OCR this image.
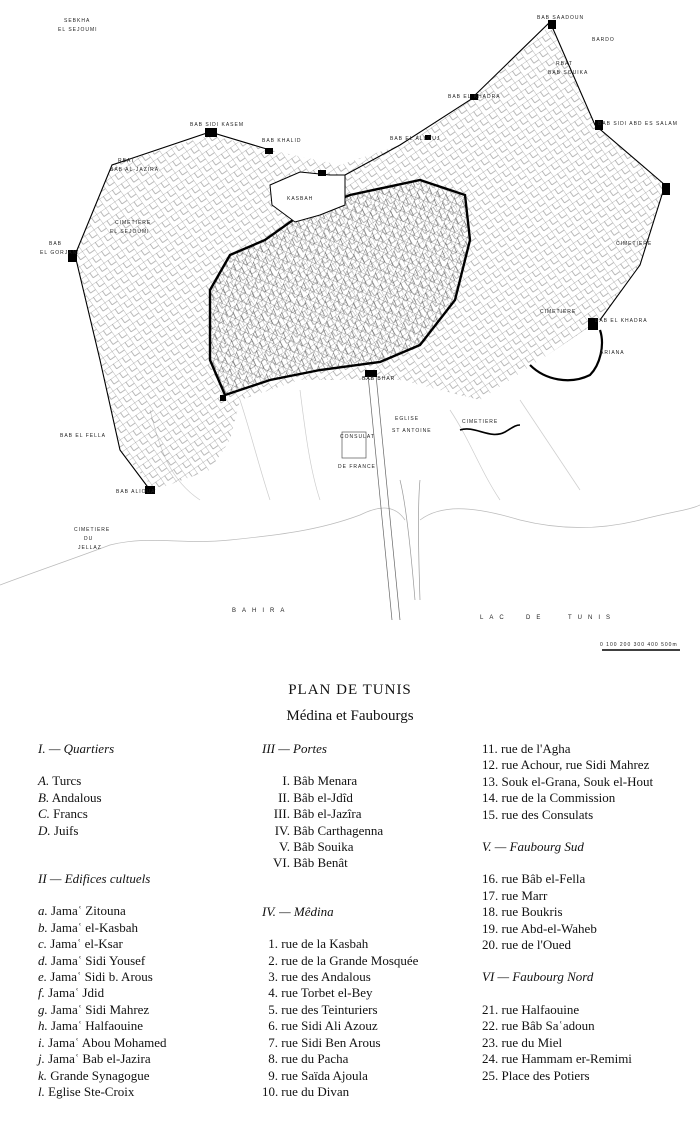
0 100 200 300 400 500m
SEBKHA
EL SEJOUMI
BAB SAADOUN
BARDO
RBAT
BAB SOUIKA
BAB EL KHADRA
BAB SIDI ABD ES SALAM
BAB SIDI KASEM
RBAT
BAB AL-JAZIRA
BAB KHALID	BAB EL ALLOUJ
KASBAH
CIMETIERE
EL SEJOUMI
BAB
EL GORJANI
CIMETIERE
CIMETIERE
BAB EL KHADRA
ARIANA
BAB BHAR
CIMETIERE
BAB EL FELLA	CONSULAT
DE FRANCE
EGLISE
ST ANTOINE
BAB ALIOUA
CIMETIERE
DU
JELLAZ
BAHIRA
LAC	DE	TUNIS
PLAN DE TUNIS
Médina et Faubourgs
I. — Quartiers
A. Turcs
B. Andalous
C. Francs
D. Juifs
II — Edifices cultuels
a. Jamaʿ Zitouna
b. Jamaʿ el-Kasbah
c. Jamaʿ el-Ksar
d. Jamaʿ Sidi Yousef
e. Jamaʿ Sidi b. Arous
f. Jamaʿ Jdid
g. Jamaʿ Sidi Mahrez
h. Jamaʿ Halfaouine
i. Jamaʿ Abou Mohamed
j. Jamaʿ Bab el-Jazira
k. Grande Synagogue
l. Eglise Ste-Croix
III — Portes
I. Bâb Menara
II. Bâb el-Jdîd
III. Bâb el-Jazîra
IV. Bâb Carthagenna
V. Bâb Souika
VI. Bâb Benât
IV. — Mêdina
1. rue de la Kasbah
2. rue de la Grande Mosquée
3. rue des Andalous
4. rue Torbet el-Bey
5. rue des Teinturiers
6. rue Sidi Ali Azouz
7. rue Sidi Ben Arous
8. rue du Pacha
9. rue Saïda Ajoula
10. rue du Divan
11. rue de l'Agha
12. rue Achour, rue Sidi Mahrez
13. Souk el-Grana, Souk el-Hout
14. rue de la Commission
15. rue des Consulats
V. — Faubourg Sud
16. rue Bâb el-Fella
17. rue Marr
18. rue Boukris
19. rue Abd-el-Waheb
20. rue de l'Oued
VI — Faubourg Nord
21. rue Halfaouine
22. rue Bâb Saʿadoun
23. rue du Miel
24. rue Hammam er-Remimi
25. Place des Potiers
